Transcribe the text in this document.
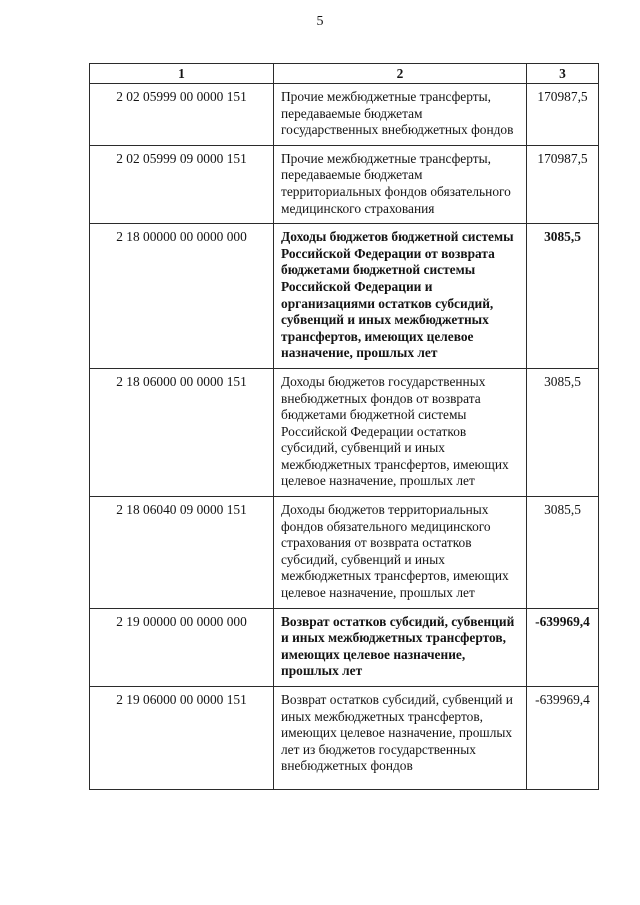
5
1	2	3
2 02 05999 00 0000 151	Прочие межбюджетные трансферты, передаваемые бюджетам государственных внебюджетных фондов	170987,5
2 02 05999 09 0000 151	Прочие межбюджетные трансферты, передаваемые бюджетам территориальных фондов обязательного медицинского страхования	170987,5
2 18 00000 00 0000 000	Доходы бюджетов бюджетной системы Российской Федерации от возврата бюджетами бюджетной системы Российской Федерации и организациями остатков субсидий, субвенций и иных межбюджетных трансфертов, имеющих целевое назначение, прошлых лет	3085,5
2 18 06000 00 0000 151	Доходы бюджетов государственных внебюджетных фондов от возврата бюджетами бюджетной системы Российской Федерации остатков субсидий, субвенций и иных межбюджетных трансфертов, имеющих целевое назначение, прошлых лет	3085,5
2 18 06040 09 0000 151	Доходы бюджетов территориальных фондов обязательного медицинского страхования от возврата остатков субсидий, субвенций и иных межбюджетных трансфертов, имеющих целевое назначение, прошлых лет	3085,5
2 19 00000 00 0000 000	Возврат остатков субсидий, субвенций и иных межбюджетных трансфертов, имеющих целевое назначение, прошлых лет	-639969,4
2 19 06000 00 0000 151	Возврат остатков субсидий, субвенций и иных межбюджетных трансфертов, имеющих целевое назначение, прошлых лет из бюджетов государственных внебюджетных фондов	-639969,4
